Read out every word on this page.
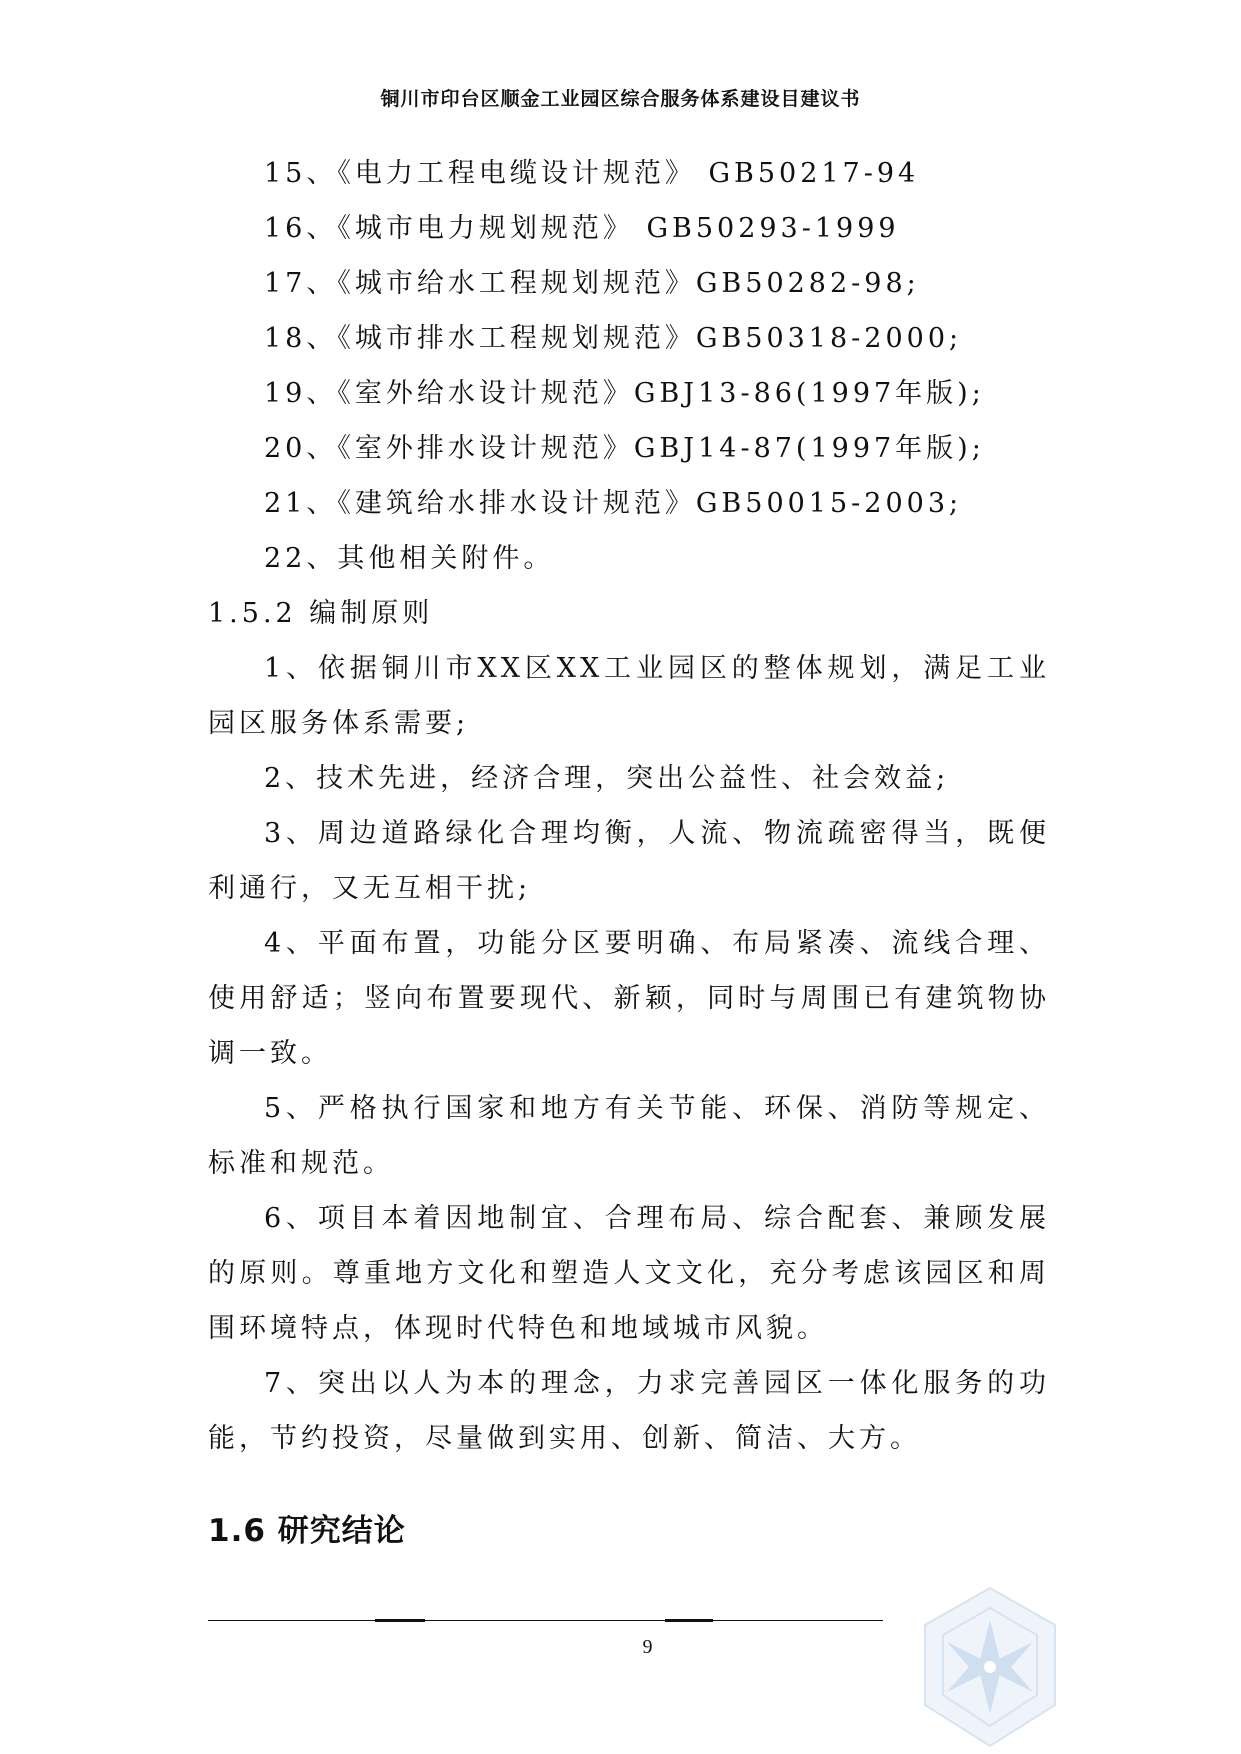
铜川市印台区顺金工业园区综合服务体系建设目建议书
15、《电力工程电缆设计规范》 GB50217-94
16、《城市电力规划规范》 GB50293-1999
17、《城市给水工程规划规范》GB50282-98;
18、《城市排水工程规划规范》GB50318-2000;
19、《室外给水设计规范》GBJ13-86(1997年版);
20、《室外排水设计规范》GBJ14-87(1997年版);
21、《建筑给水排水设计规范》GB50015-2003;
22、其他相关附件。
1.5.2 编制原则

1、依据铜川市XX区XX工业园区的整体规划，满足工业园区服务体系需要;

2、技术先进，经济合理，突出公益性、社会效益;

3、周边道路绿化合理均衡，人流、物流疏密得当，既便利通行，又无互相干扰;

4、平面布置，功能分区要明确、布局紧凑、流线合理、使用舒适；竖向布置要现代、新颖，同时与周围已有建筑物协调一致。

5、严格执行国家和地方有关节能、环保、消防等规定、标准和规范。

6、项目本着因地制宜、合理布局、综合配套、兼顾发展的原则。尊重地方文化和塑造人文文化，充分考虑该园区和周围环境特点，体现时代特色和地域城市风貌。

7、突出以人为本的理念，力求完善园区一体化服务的功能，节约投资，尽量做到实用、创新、简洁、大方。

1.6 研究结论
9
